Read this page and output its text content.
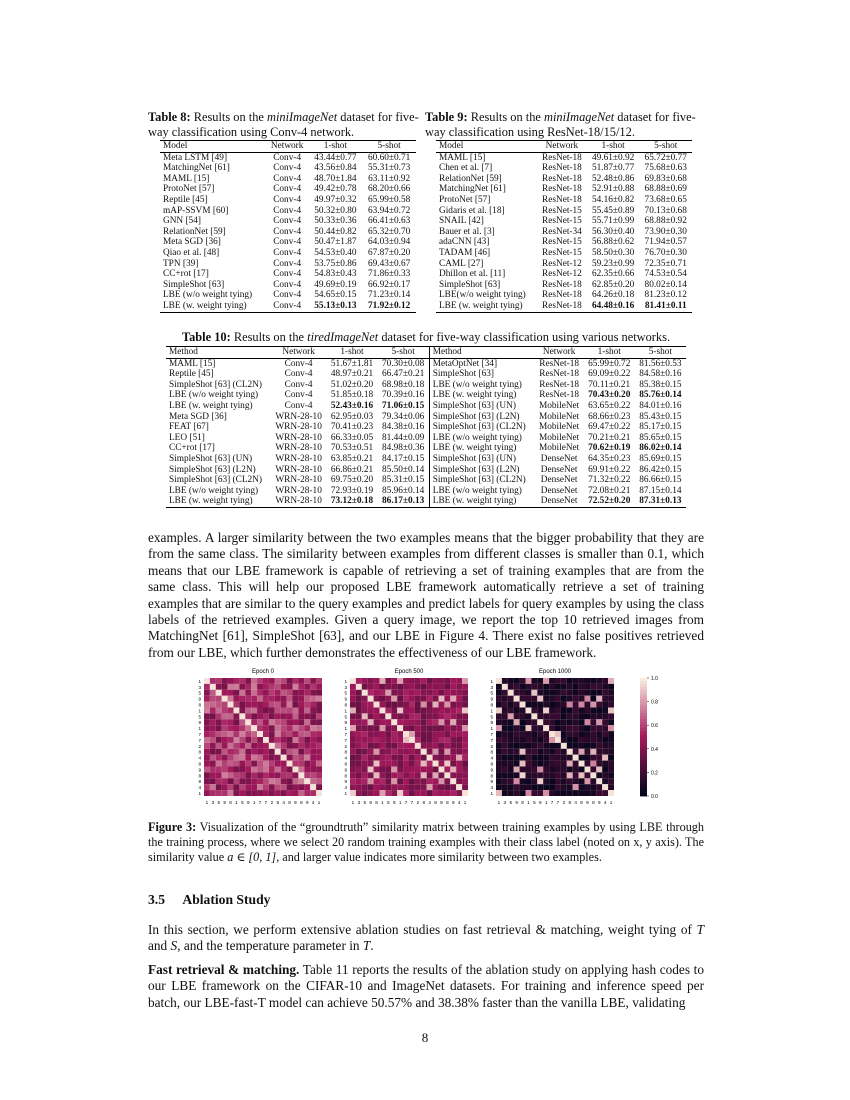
Table 8: Results on the miniImageNet dataset for five-way classification using Conv-4 network.
Model	Network	1-shot	5-shot
Meta LSTM [49]	Conv-4	43.44±0.77	60.60±0.71
MatchingNet [61]	Conv-4	43.56±0.84	55.31±0.73
MAML [15]	Conv-4	48.70±1.84	63.11±0.92
ProtoNet [57]	Conv-4	49.42±0.78	68.20±0.66
Reptile [45]	Conv-4	49.97±0.32	65.99±0.58
mAP-SSVM [60]	Conv-4	50.32±0.80	63.94±0.72
GNN [54]	Conv-4	50.33±0.36	66.41±0.63
RelationNet [59]	Conv-4	50.44±0.82	65.32±0.70
Meta SGD [36]	Conv-4	50.47±1.87	64.03±0.94
Qiao et al. [48]	Conv-4	54.53±0.40	67.87±0.20
TPN [39]	Conv-4	53.75±0.86	69.43±0.67
CC+rot [17]	Conv-4	54.83±0.43	71.86±0.33
SimpleShot [63]	Conv-4	49.69±0.19	66.92±0.17
LBE (w/o weight tying)	Conv-4	54.65±0.15	71.23±0.14
LBE (w. weight tying)	Conv-4	55.13±0.13	71.92±0.12
Table 9: Results on the miniImageNet dataset for five-way classification using ResNet-18/15/12.
Model	Network	1-shot	5-shot
MAML [15]	ResNet-18	49.61±0.92	65.72±0.77
Chen et al. [7]	ResNet-18	51.87±0.77	75.68±0.63
RelationNet [59]	ResNet-18	52.48±0.86	69.83±0.68
MatchingNet [61]	ResNet-18	52.91±0.88	68.88±0.69
ProtoNet [57]	ResNet-18	54.16±0.82	73.68±0.65
Gidaris et al. [18]	ResNet-15	55.45±0.89	70.13±0.68
SNAIL [42]	ResNet-15	55.71±0.99	68.88±0.92
Bauer et al. [3]	ResNet-34	56.30±0.40	73.90±0.30
adaCNN [43]	ResNet-15	56.88±0.62	71.94±0.57
TADAM [46]	ResNet-15	58.50±0.30	76.70±0.30
CAML [27]	ResNet-12	59.23±0.99	72.35±0.71
Dhillon et al. [11]	ResNet-12	62.35±0.66	74.53±0.54
SimpleShot [63]	ResNet-18	62.85±0.20	80.02±0.14
LBE(w/o weight tying)	ResNet-18	64.26±0.18	81.23±0.12
LBE (w. weight tying)	ResNet-18	64.48±0.16	81.41±0.11
Table 10: Results on the tiredImageNet dataset for five-way classification using various networks.
Method	Network	1-shot	5-shot	Method	Network	1-shot	5-shot
MAML [15]	Conv-4	51.67±1.81	70.30±0.08	MetaOptNet [34]	ResNet-18	65.99±0.72	81.56±0.53
Reptile [45]	Conv-4	48.97±0.21	66.47±0.21	SimpleShot [63]	ResNet-18	69.09±0.22	84.58±0.16
SimpleShot [63] (CL2N)	Conv-4	51.02±0.20	68.98±0.18	LBE (w/o weight tying)	ResNet-18	70.11±0.21	85.38±0.15
LBE (w/o weight tying)	Conv-4	51.85±0.18	70.39±0.16	LBE (w. weight tying)	ResNet-18	70.43±0.20	85.76±0.14
LBE (w. weight tying)	Conv-4	52.43±0.16	71.06±0.15	SimpleShot [63] (UN)	MobileNet	63.65±0.22	84.01±0.16
Meta SGD [36]	WRN-28-10	62.95±0.03	79.34±0.06	SimpleShot [63] (L2N)	MobileNet	68.66±0.23	85.43±0.15
FEAT [67]	WRN-28-10	70.41±0.23	84.38±0.16	SimpleShot [63] (CL2N)	MobileNet	69.47±0.22	85.17±0.15
LEO [51]	WRN-28-10	66.33±0.05	81.44±0.09	LBE (w/o weight tying)	MobileNet	70.21±0.21	85.65±0.15
CC+rot [17]	WRN-28-10	70.53±0.51	84.98±0.36	LBE (w. weight tying)	MobileNet	70.62±0.19	86.02±0.14
SimpleShot [63] (UN)	WRN-28-10	63.85±0.21	84.17±0.15	SimpleShot [63] (UN)	DenseNet	64.35±0.23	85.69±0.15
SimpleShot [63] (L2N)	WRN-28-10	66.86±0.21	85.50±0.14	SimpleShot [63] (L2N)	DenseNet	69.91±0.22	86.42±0.15
SimpleShot [63] (CL2N)	WRN-28-10	69.75±0.20	85.31±0.15	SimpleShot [63] (CL2N)	DenseNet	71.32±0.22	86.66±0.15
LBE (w/o weight tying)	WRN-28-10	72.93±0.19	85.96±0.14	LBE (w/o weight tying)	DenseNet	72.08±0.21	87.15±0.14
LBE (w. weight tying)	WRN-28-10	73.12±0.18	86.17±0.13	LBE (w. weight tying)	DenseNet	72.52±0.20	87.31±0.13
examples. A larger similarity between the two examples means that the bigger probability that they are from the same class. The similarity between examples from different classes is smaller than 0.1, which means that our LBE framework is capable of retrieving a set of training examples that are from the same class. This will help our proposed LBE framework automatically retrieve a set of training examples that are similar to the query examples and predict labels for query examples by using the class labels of the retrieved examples. Given a query image, we report the top 10 retrieved images from MatchingNet [61], SimpleShot [63], and our LBE in Figure 4. There exist no false positives retrieved from our LBE, which further demonstrates the effectiveness of our LBE framework.
Epoch 0
1
1
3
3
5
5
9
9
8
8
1
1
5
5
9
9
1
1
7
7
7
7
2
2
8
8
4
4
8
8
9
9
8
8
9
9
4
4
1
1
Epoch 500
1
1
3
3
5
5
9
9
8
8
1
1
5
5
9
9
1
1
7
7
7
7
2
2
8
8
4
4
8
8
9
9
8
8
9
9
4
4
1
1
Epoch 1000
1
1
3
3
5
5
9
9
8
8
1
1
5
5
9
9
1
1
7
7
7
7
2
2
8
8
4
4
8
8
9
9
8
8
9
9
4
4
1
1
1.0
0.8
0.6
0.4
0.2
0.0
Figure 3: Visualization of the “groundtruth” similarity matrix between training examples by using LBE through the training process, where we select 20 random training examples with their class label (noted on x, y axis). The similarity value a ∈ [0, 1], and larger value indicates more similarity between two examples.
3.5 Ablation Study
In this section, we perform extensive ablation studies on fast retrieval & matching, weight tying of T and S, and the temperature parameter in T.
Fast retrieval & matching. Table 11 reports the results of the ablation study on applying hash codes to our LBE framework on the CIFAR-10 and ImageNet datasets. For training and inference speed per batch, our LBE-fast-T model can achieve 50.57% and 38.38% faster than the vanilla LBE, validating
8
